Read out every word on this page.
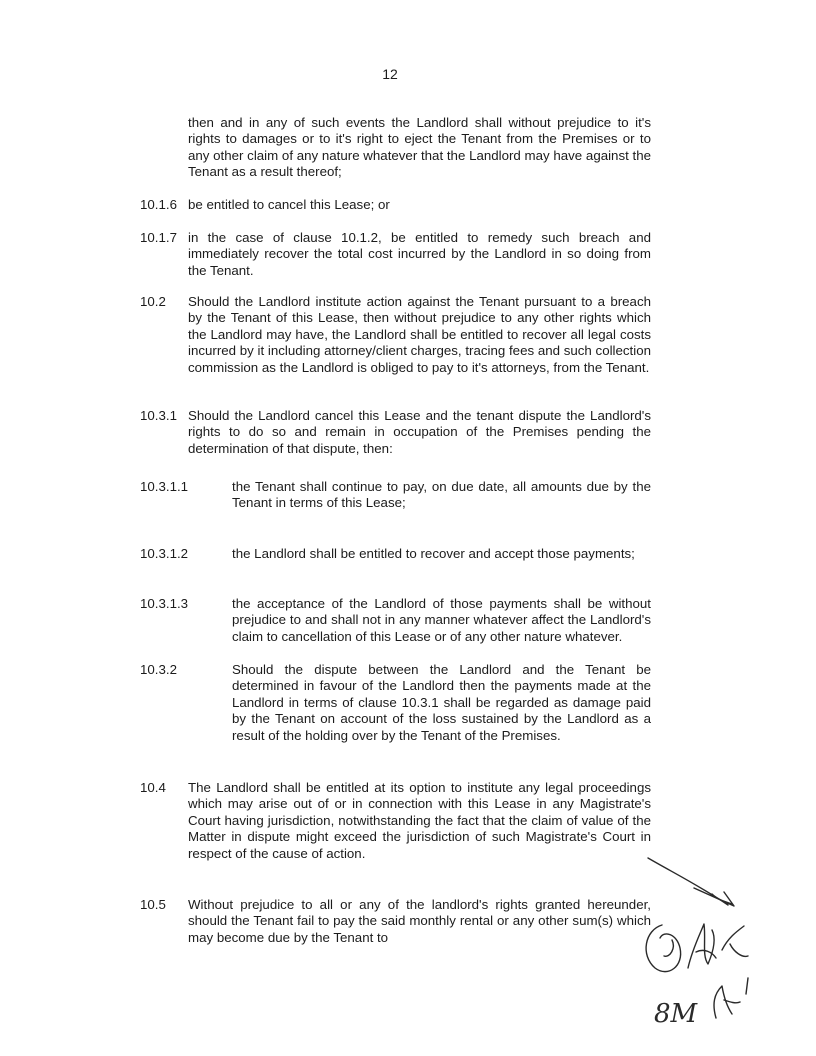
12
then and in any of such events the Landlord shall without prejudice to it's rights to damages or to it's right to eject the Tenant from the Premises or to any other claim of any nature whatever that the Landlord may have against the Tenant as a result thereof;
10.1.6 be entitled to cancel this Lease; or
10.1.7 in the case of clause 10.1.2, be entitled to remedy such breach and immediately recover the total cost incurred by the Landlord in so doing from the Tenant.
10.2 Should the Landlord institute action against the Tenant pursuant to a breach by the Tenant of this Lease, then without prejudice to any other rights which the Landlord may have, the Landlord shall be entitled to recover all legal costs incurred by it including attorney/client charges, tracing fees and such collection commission as the Landlord is obliged to pay to it's attorneys, from the Tenant.
10.3.1 Should the Landlord cancel this Lease and the tenant dispute the Landlord's rights to do so and remain in occupation of the Premises pending the determination of that dispute, then:
10.3.1.1	the Tenant shall continue to pay, on due date, all amounts due by the Tenant in terms of this Lease;
10.3.1.2	the Landlord shall be entitled to recover and accept those payments;
10.3.1.3	the acceptance of the Landlord of those payments shall be without prejudice to and shall not in any manner whatever affect the Landlord's claim to cancellation of this Lease or of any other nature whatever.
10.3.2	Should the dispute between the Landlord and the Tenant be determined in favour of the Landlord then the payments made at the Landlord in terms of clause 10.3.1 shall be regarded as damage paid by the Tenant on account of the loss sustained by the Landlord as a result of the holding over by the Tenant of the Premises.
10.4 The Landlord shall be entitled at its option to institute any legal proceedings which may arise out of or in connection with this Lease in any Magistrate's Court having jurisdiction, notwithstanding the fact that the claim of value of the Matter in dispute might exceed the jurisdiction of such Magistrate's Court in respect of the cause of action.
10.5 Without prejudice to all or any of the landlord's rights granted hereunder, should the Tenant fail to pay the said monthly rental or any other sum(s) which may become due by the Tenant to
8M
